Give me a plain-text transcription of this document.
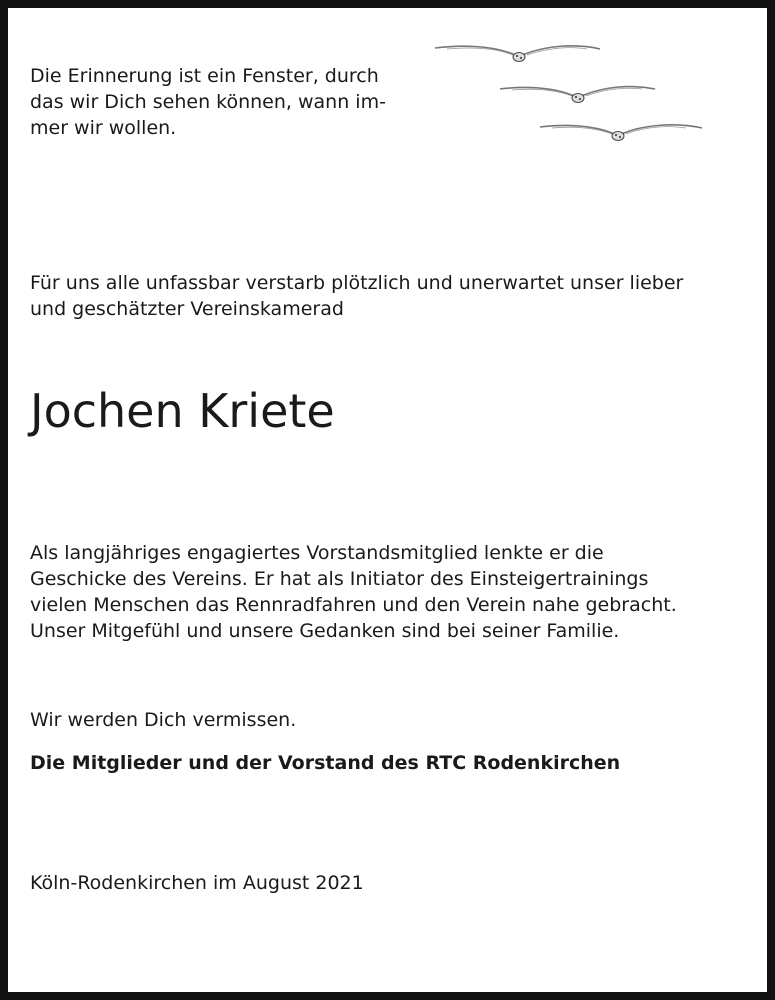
Die Erinnerung ist ein Fenster, durch
das wir Dich sehen können, wann im-
mer wir wollen.

Für uns alle unfassbar verstarb plötzlich und unerwartet unser lieber
und geschätzter Vereinskamerad

Jochen Kriete

Als langjähriges engagiertes Vorstandsmitglied lenkte er die
Geschicke des Vereins. Er hat als Initiator des Einsteigertrainings
vielen Menschen das Rennradfahren und den Verein nahe gebracht.
Unser Mitgefühl und unsere Gedanken sind bei seiner Familie.

Wir werden Dich vermissen.

Die Mitglieder und der Vorstand des RTC Rodenkirchen

Köln-Rodenkirchen im August 2021
